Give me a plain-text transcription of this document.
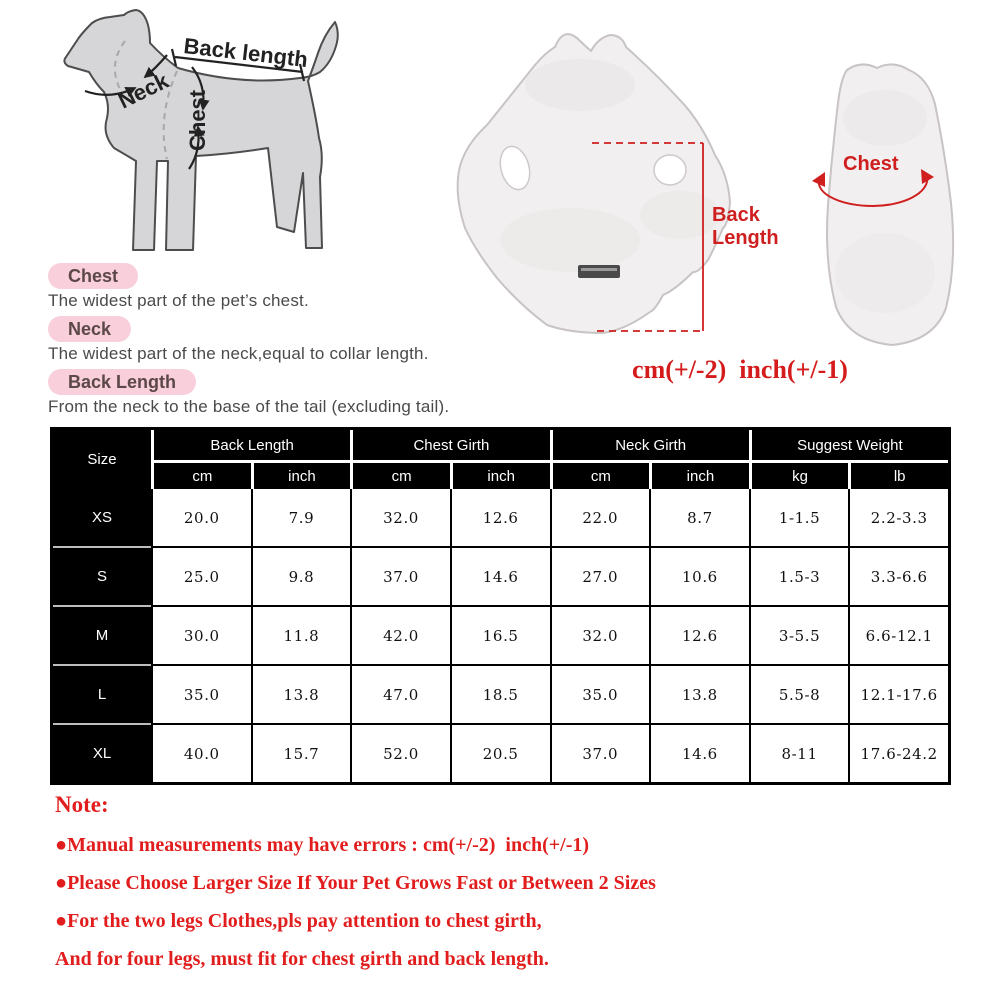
Back length
Neck Chest
Back
Length
Chest
cm(+/-2)  inch(+/-1)
Chest
The widest part of the pet’s chest.
Neck
The widest part of the neck,equal to collar length.
Back Length
From the neck to the base of the tail (excluding tail).
Size
Back Length	Chest Girth	Neck Girth	Suggest Weight
cm	inch	cm	inch	cm	inch	kg	lb
XS	20.0	7.9	32.0	12.6	22.0	8.7	1-1.5	2.2-3.3
S	25.0	9.8	37.0	14.6	27.0	10.6	1.5-3	3.3-6.6
M	30.0	11.8	42.0	16.5	32.0	12.6	3-5.5	6.6-12.1
L	35.0	13.8	47.0	18.5	35.0	13.8	5.5-8	12.1-17.6
XL	40.0	15.7	52.0	20.5	37.0	14.6	8-11	17.6-24.2
Note:
●Manual measurements may have errors : cm(+/-2)  inch(+/-1)
●Please Choose Larger Size If Your Pet Grows Fast or Between 2 Sizes
●For the two legs Clothes,pls pay attention to chest girth,
And for four legs, must fit for chest girth and back length.
